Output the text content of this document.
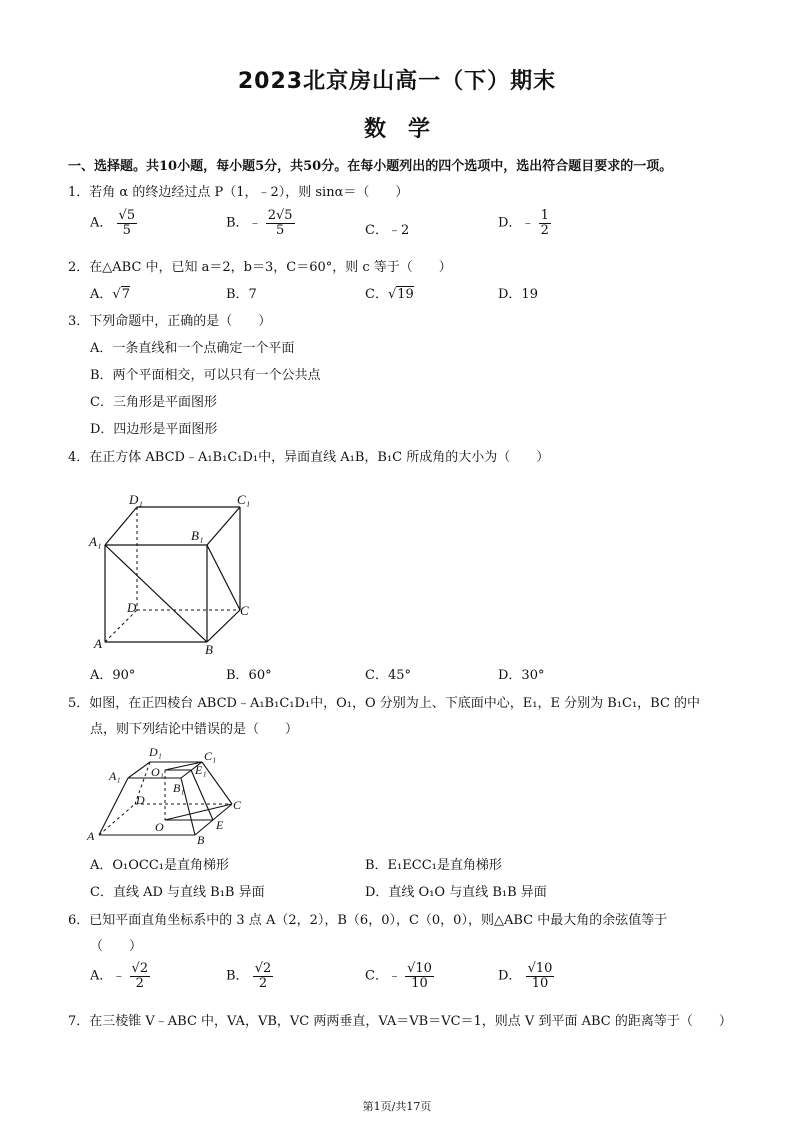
2023北京房山高一（下）期末
数　学
一、选择题。共10小题，每小题5分，共50分。在每小题列出的四个选项中，选出符合题目要求的一项。
1．若角 α 的终边经过点 P（1，﹣2），则 sinα＝（　　）
A． $\frac{√5}{5}$	B．﹣ $\frac{2√5}{5}$	C．﹣2	D．﹣ $\frac{1}{2}$
2．在△ABC 中，已知 a＝2，b＝3，C＝60°，则 c 等于（　　）
A．√7	B．7	C．√19	D．19
3．下列命题中，正确的是（　　）
A．一条直线和一个点确定一个平面
B．两个平面相交，可以只有一个公共点
C．三角形是平面图形
D．四边形是平面图形
4．在正方体 ABCD﹣A₁B₁C₁D₁中，异面直线 A₁B，B₁C 所成角的大小为（　　）
D₁	C₁
A₁	B₁
D	C
A	B
A．90°	B．60°	C．45°	D．30°
5．如图，在正四棱台 ABCD﹣A₁B₁C₁D₁中，O₁，O 分别为上、下底面中心，E₁，E 分别为 B₁C₁，BC 的中
点，则下列结论中错误的是（　　）
D₁	C₁
A₁	O₁	E₁
B₁
D	C
O	E
A	B
A．O₁OCC₁是直角梯形	B．E₁ECC₁是直角梯形
C．直线 AD 与直线 B₁B 异面	D．直线 O₁O 与直线 B₁B 异面
6．已知平面直角坐标系中的 3 点 A（2，2），B（6，0），C（0，0），则△ABC 中最大角的余弦值等于
（　　）
A．﹣ $\frac{√2}{2}$	B． $\frac{√2}{2}$	C．﹣ $\frac{√10}{10}$	D． $\frac{√10}{10}$
7．在三棱锥 V﹣ABC 中，VA，VB，VC 两两垂直，VA＝VB＝VC＝1，则点 V 到平面 ABC 的距离等于（　　）
第1页/共17页
